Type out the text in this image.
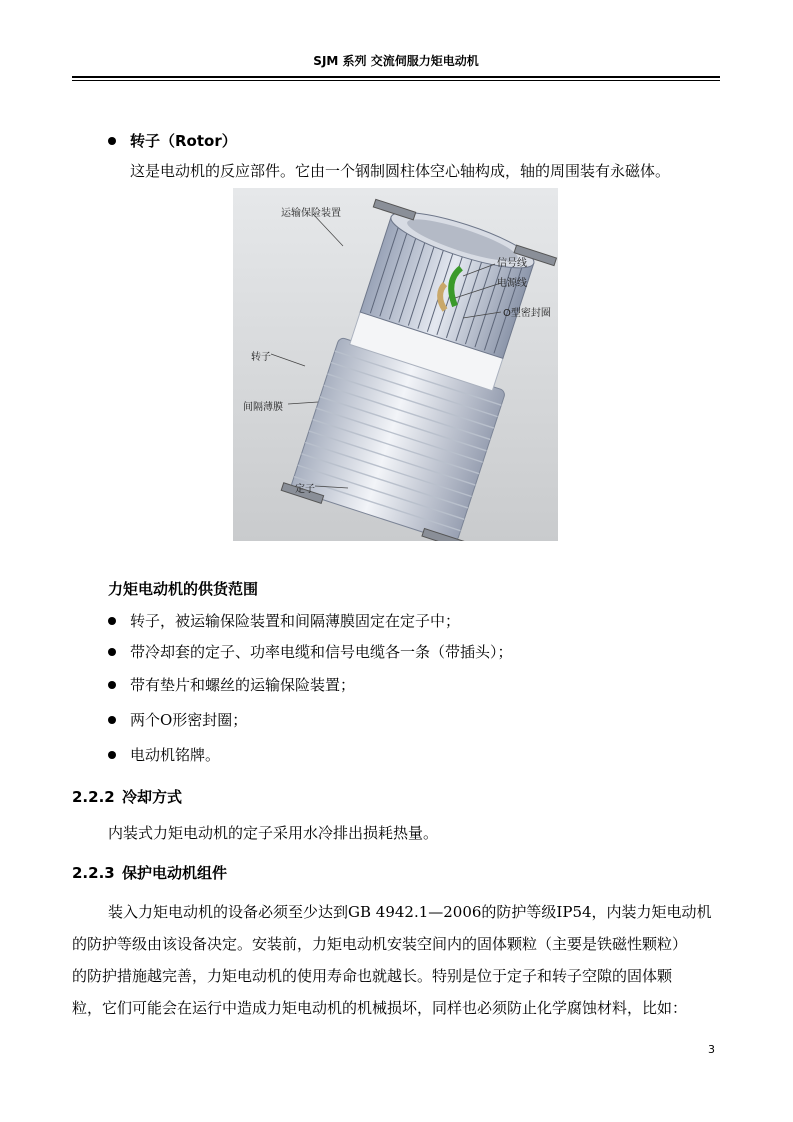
SJM 系列 交流伺服力矩电动机
转子（Rotor）
这是电动机的反应部件。它由一个钢制圆柱体空心轴构成，轴的周围装有永磁体。
运输保险装置
信号线
电源线
O型密封圈
转子
间隔薄膜
定子
力矩电动机的供货范围
转子，被运输保险装置和间隔薄膜固定在定子中；
带冷却套的定子、功率电缆和信号电缆各一条（带插头）；
带有垫片和螺丝的运输保险装置；
两个O形密封圈；
电动机铭牌。
2.2.2 冷却方式
内装式力矩电动机的定子采用水冷排出损耗热量。
2.2.3 保护电动机组件
装入力矩电动机的设备必须至少达到GB 4942.1—2006的防护等级IP54，内装力矩电动机
的防护等级由该设备决定。安装前，力矩电动机安装空间内的固体颗粒（主要是铁磁性颗粒）
的防护措施越完善，力矩电动机的使用寿命也就越长。特别是位于定子和转子空隙的固体颗
粒，它们可能会在运行中造成力矩电动机的机械损坏，同样也必须防止化学腐蚀材料，比如：
3
